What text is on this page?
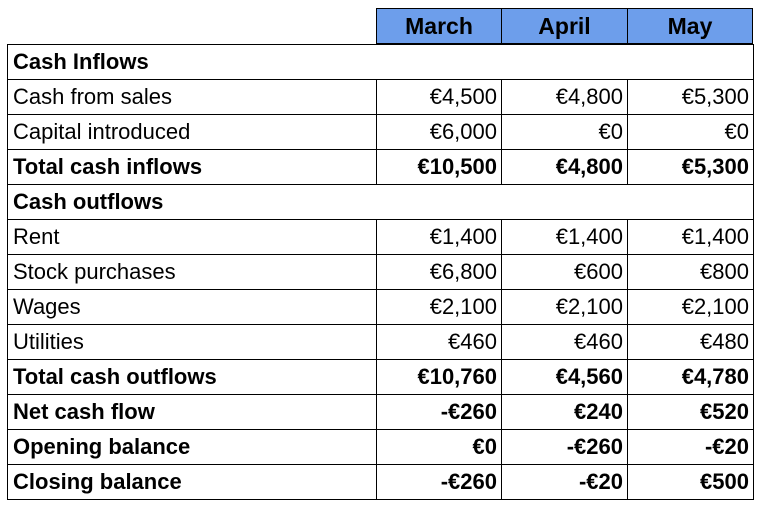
March	April	May
Cash Inflows			
Cash from sales	€4,500	€4,800	€5,300
Capital introduced	€6,000	€0	€0
Total cash inflows	€10,500	€4,800	€5,300
Cash outflows			
Rent	€1,400	€1,400	€1,400
Stock purchases	€6,800	€600	€800
Wages	€2,100	€2,100	€2,100
Utilities	€460	€460	€480
Total cash outflows	€10,760	€4,560	€4,780
Net cash flow	-€260	€240	€520
Opening balance	€0	-€260	-€20
Closing balance	-€260	-€20	€500
